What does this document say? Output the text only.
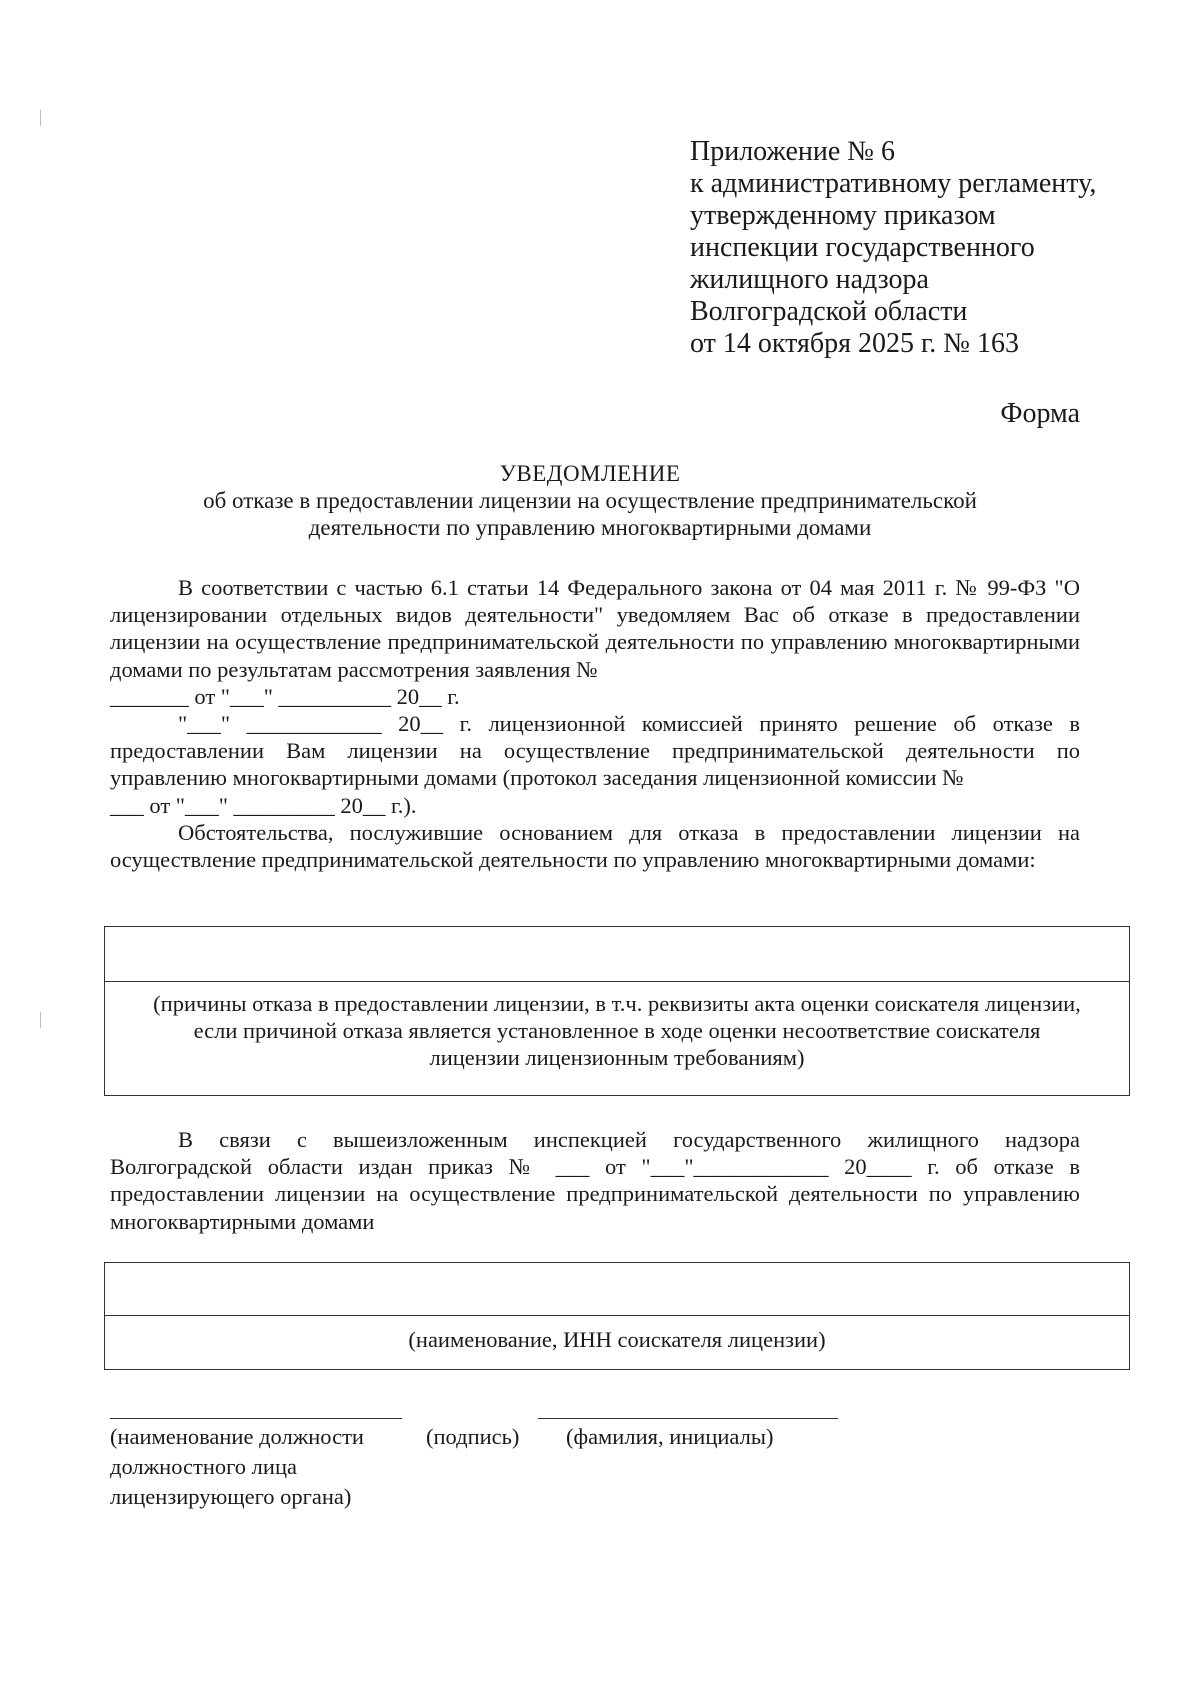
Приложение № 6
к административному регламенту,
утвержденному приказом
инспекции государственного
жилищного надзора
Волгоградской области
от 14 октября 2025 г. № 163
Форма
УВЕДОМЛЕНИЕ
об отказе в предоставлении лицензии на осуществление предпринимательской
деятельности по управлению многоквартирными домами

В соответствии с частью 6.1 статьи 14 Федерального закона от 04 мая 2011 г. № 99-ФЗ "О лицензировании отдельных видов деятельности" уведомляем Вас об отказе в предоставлении лицензии на осуществление предпринимательской деятельности по управлению многоквартирными домами по результатам рассмотрения заявления №

_______ от "___" __________ 20__ г.

"___" ____________ 20__ г. лицензионной комиссией принято решение об отказе в предоставлении Вам лицензии на осуществление предпринимательской деятельности по управлению многоквартирными домами (протокол заседания лицензионной комиссии №

___ от "___" _________ 20__ г.).

Обстоятельства, послужившие основанием для отказа в предоставлении лицензии на осуществление предпринимательской деятельности по управлению многоквартирными домами:

(причины отказа в предоставлении лицензии, в т.ч. реквизиты акта оценки соискателя лицензии,
если причиной отказа является установленное в ходе оценки несоответствие соискателя
лицензии лицензионным требованиям)

В связи с вышеизложенным инспекцией государственного жилищного надзора Волгоградской области издан приказ № ___ от "___"____________ 20____ г. об отказе в предоставлении лицензии на осуществление предпринимательской деятельности по управлению многоквартирными домами

(наименование, ИНН соискателя лицензии)
(наименование должности
должностного лица
лицензирующего органа)
(подпись) (фамилия, инициалы)
